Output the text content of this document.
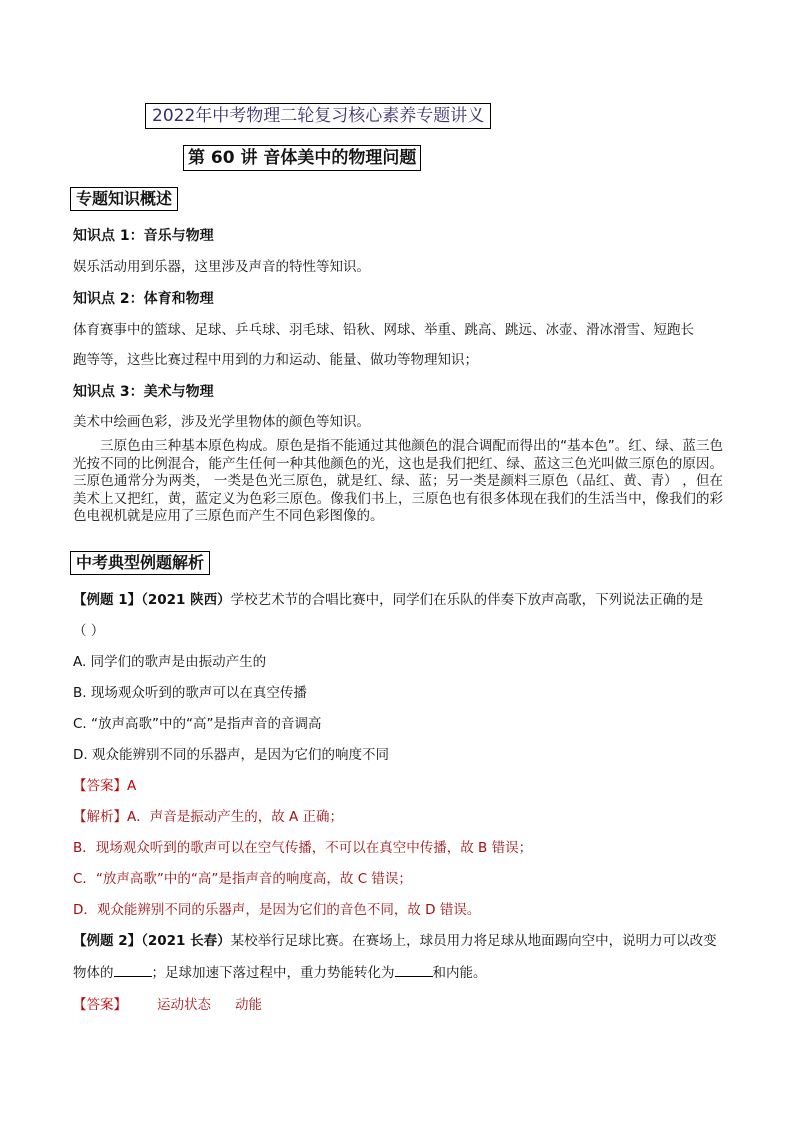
2022年中考物理二轮复习核心素养专题讲义
第 60 讲 音体美中的物理问题
专题知识概述
知识点 1：音乐与物理
娱乐活动用到乐器，这里涉及声音的特性等知识。
知识点 2：体育和物理
体育赛事中的篮球、足球、乒乓球、羽毛球、铅秋、网球、举重、跳高、跳远、冰壶、滑冰滑雪、短跑长
跑等等，这些比赛过程中用到的力和运动、能量、做功等物理知识；
知识点 3：美术与物理
美术中绘画色彩，涉及光学里物体的颜色等知识。
三原色由三种基本原色构成。原色是指不能通过其他颜色的混合调配而得出的“基本色”。红、绿、蓝三色光按不同的比例混合，能产生任何一种其他颜色的光，这也是我们把红、绿、蓝这三色光叫做三原色的原因。三原色通常分为两类， 一类是色光三原色，就是红、绿、蓝；另一类是颜料三原色（品红、黄、青） ，但在美术上又把红，黄，蓝定义为色彩三原色。像我们书上，三原色也有很多体现在我们的生活当中，像我们的彩色电视机就是应用了三原色而产生不同色彩图像的。
中考典型例题解析
【例题 1】（2021 陕西）学校艺术节的合唱比赛中，同学们在乐队的伴奏下放声高歌，下列说法正确的是
（ ）
A. 同学们的歌声是由振动产生的
B. 现场观众听到的歌声可以在真空传播
C. “放声高歌”中的“高”是指声音的音调高
D. 观众能辨别不同的乐器声，是因为它们的响度不同
【答案】A
【解析】A．声音是振动产生的，故 A 正确；
B．现场观众听到的歌声可以在空气传播，不可以在真空中传播，故 B 错误；
C．“放声高歌”中的“高”是指声音的响度高，故 C 错误；
D．观众能辨别不同的乐器声，是因为它们的音色不同，故 D 错误。
【例题 2】（2021 长春）某校举行足球比赛。在赛场上，球员用力将足球从地面踢向空中，说明力可以改变
物体的	；足球加速下落过程中，重力势能转化为	和内能。
【答案】 运动状态 动能
